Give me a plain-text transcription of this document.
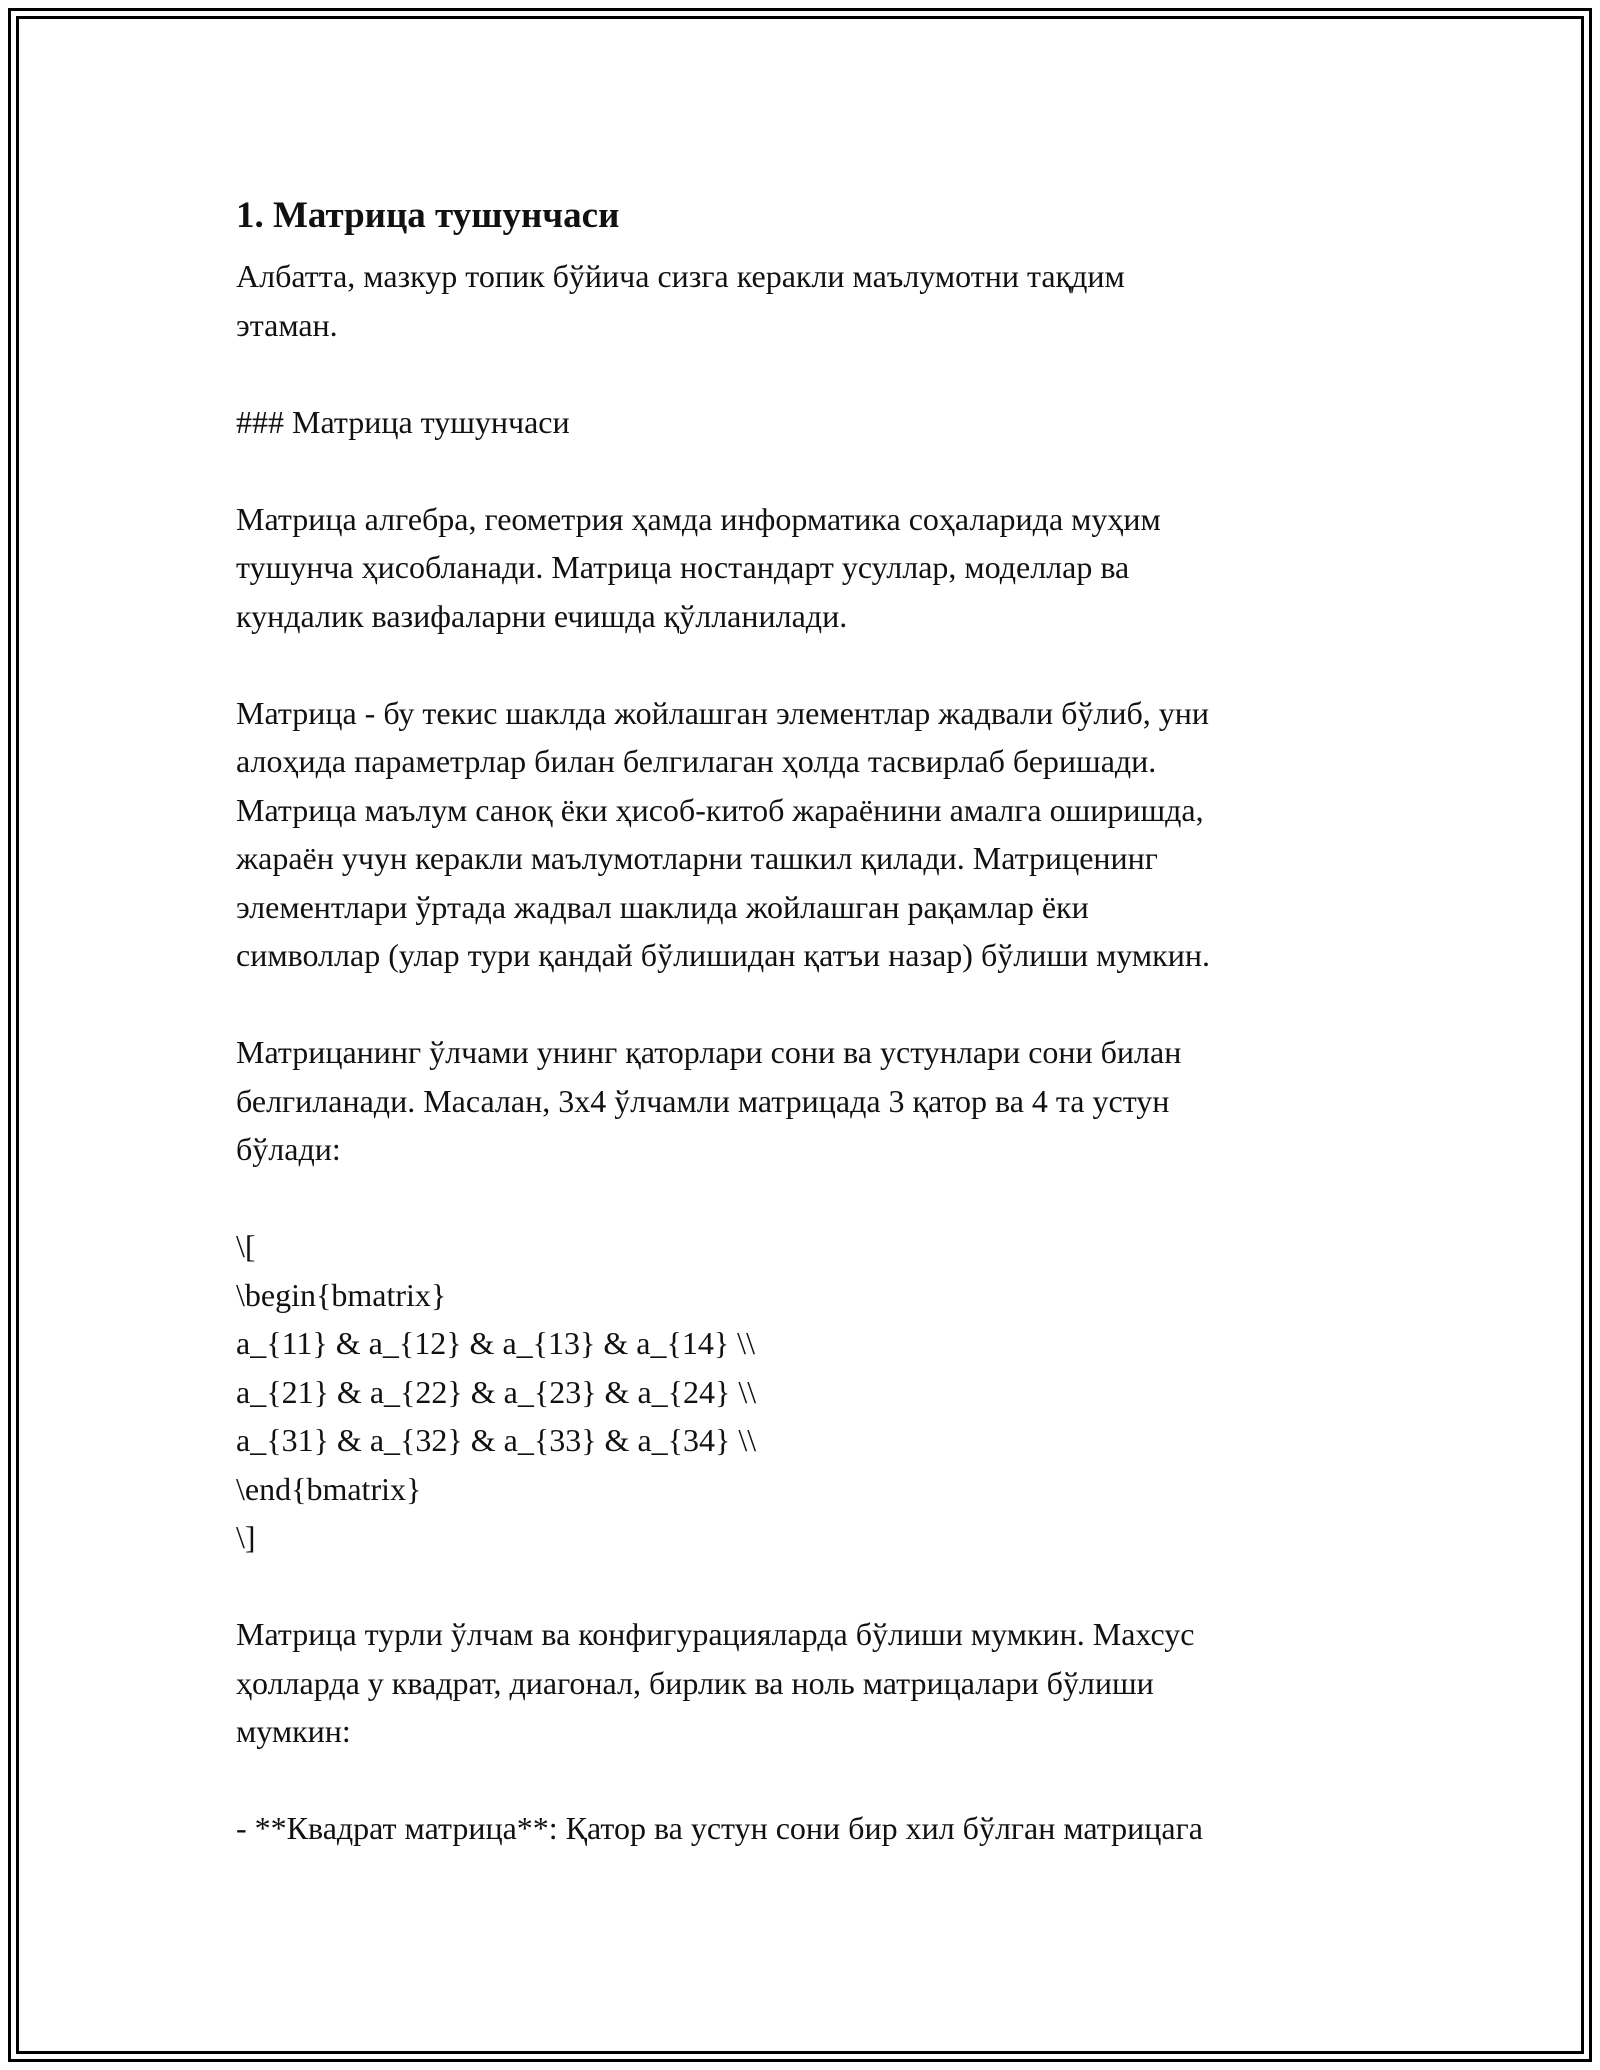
1. Матрица тушунчаси
Албатта, мазкур топик бўйича сизга керакли маълумотни тақдим
этаман.
### Матрица тушунчаси
Матрица алгебра, геометрия ҳамда информатика соҳаларида муҳим
тушунча ҳисобланади. Матрица ностандарт усуллар, моделлар ва
кундалик вазифаларни ечишда қўлланилади.
Матрица - бу текис шаклда жойлашган элементлар жадвали бўлиб, уни
алоҳида параметрлар билан белгилаган ҳолда тасвирлаб беришади.
Матрица маълум саноқ ёки ҳисоб-китоб жараёнини амалга оширишда,
жараён учун керакли маълумотларни ташкил қилади. Матриценинг
элементлари ўртада жадвал шаклида жойлашган рақамлар ёки
символлар (улар тури қандай бўлишидан қатъи назар) бўлиши мумкин.
Матрицанинг ўлчами унинг қаторлари сони ва устунлари сони билан
белгиланади. Масалан, 3x4 ўлчамли матрицада 3 қатор ва 4 та устун
бўлади:
\[
\begin{bmatrix}
a_{11} & a_{12} & a_{13} & a_{14} \\
a_{21} & a_{22} & a_{23} & a_{24} \\
a_{31} & a_{32} & a_{33} & a_{34} \\
\end{bmatrix}
\]
Матрица турли ўлчам ва конфигурацияларда бўлиши мумкин. Махсус
ҳолларда у квадрат, диагонал, бирлик ва ноль матрицалари бўлиши
мумкин:
- **Квадрат матрица**: Қатор ва устун сони бир хил бўлган матрицага
